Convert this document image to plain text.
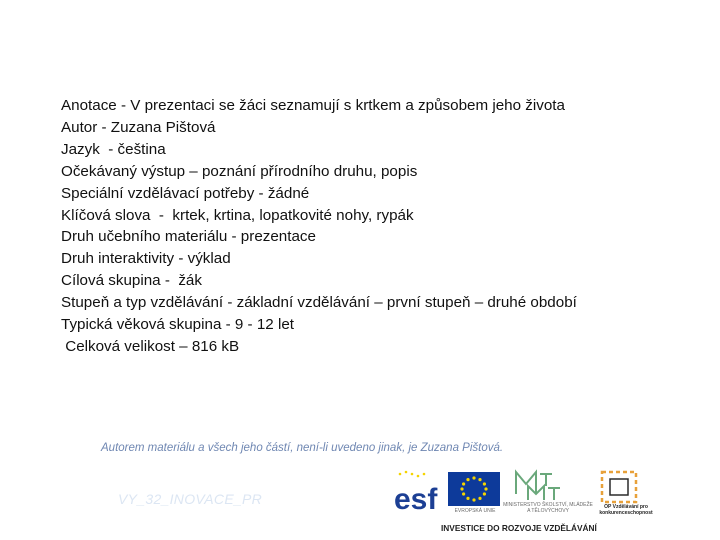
Anotace - V prezentaci se žáci seznamují s krtkem a způsobem jeho života
Autor - Zuzana Pištová
Jazyk  - čeština
Očekávaný výstup – poznání přírodního druhu, popis
Speciální vzdělávací potřeby - žádné
Klíčová slova  -  krtek, krtina, lopatkovité nohy, rypák
Druh učebního materiálu - prezentace
Druh interaktivity - výklad
Cílová skupina -  žák
Stupeň a typ vzdělávání - základní vzdělávání – první stupeň – druhé období
Typická věková skupina - 9 - 12 let
Celková velikost – 816 kB
Autorem materiálu a všech jeho částí, není-li uvedeno jinak, je Zuzana Pištová.
VY_32_INOVACE_PR	esf	EVROPSKÁ UNIE
MINISTERSTVO ŠKOLSTVÍ, MLÁDEŽE A TĚLOVÝCHOVY
OP Vzdělávání pro konkurenceschopnost
INVESTICE DO ROZVOJE VZDĚLÁVÁNÍ
